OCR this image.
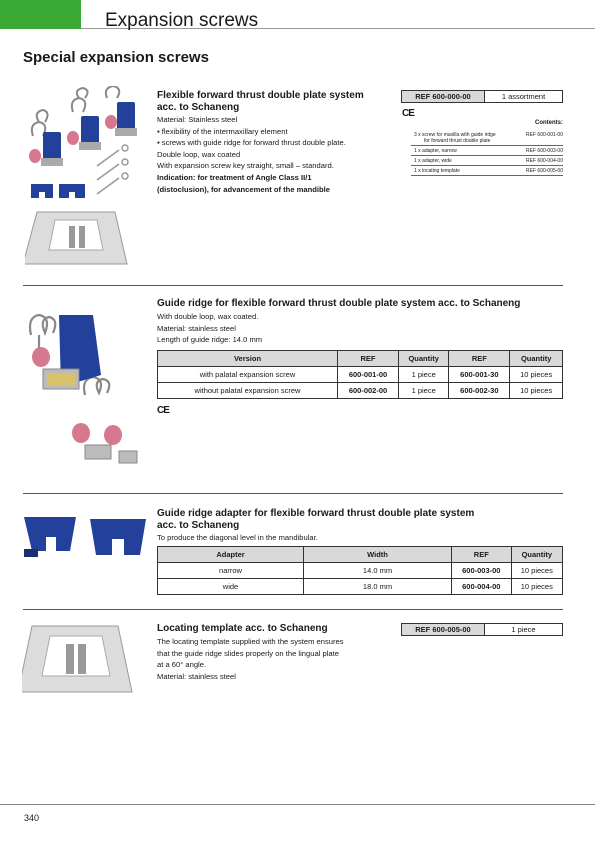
Expansion screws
Special expansion screws
Flexible forward thrust double plate system
acc. to Schaneng
Material: Stainless steel
▪ flexibility of the intermaxillary element
▪ screws with guide ridge for forward thrust double plate.
Double loop, wax coated
With expansion screw key straight, small – standard.
Indication: for treatment of Angle Class II/1
(distoclusion), for advancement of the mandible
REF 600-000-00	1 assortment
CE
Contents:
3 x screw for maxilla with guide ridge
for forward thrust double plate
REF 600-001-00
1 x adapter, narrow	REF 600-003-00
1 x adapter, wide	REF 600-004-00
1 x locating template	REF 600-005-00
Guide ridge for flexible forward thrust double plate system acc. to Schaneng
With double loop, wax coated.
Material: stainless steel
Length of guide ridge: 14.0 mm
Version	REF	Quantity	REF	Quantity
with palatal expansion screw	600-001-00	1 piece	600-001-30	10 pieces
without palatal expansion screw	600-002-00	1 piece	600-002-30	10 pieces
CE
Guide ridge adapter for flexible forward thrust double plate system
acc. to Schaneng
To produce the diagonal level in the mandibular.
Adapter	Width	REF	Quantity
narrow	14.0 mm	600-003-00	10 pieces
wide	18.0 mm	600-004-00	10 pieces
Locating template acc. to Schaneng
The locating template supplied with the system ensures
that the guide ridge slides properly on the lingual plate
at a 60° angle.
Material: stainless steel
REF 600-005-00	1 piece
340
